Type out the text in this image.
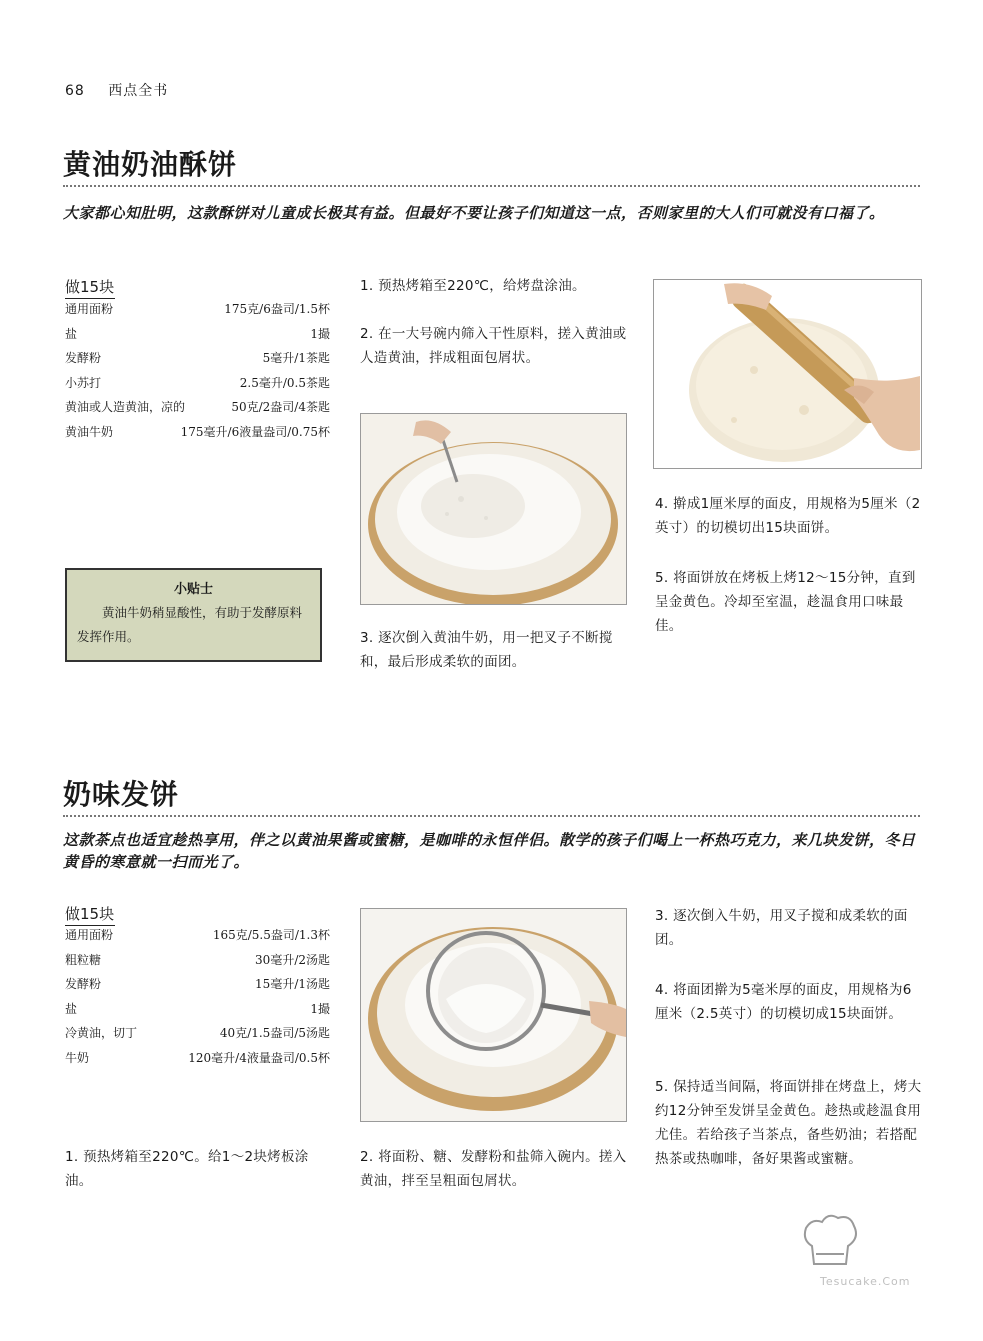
68 西点全书
黄油奶油酥饼
大家都心知肚明，这款酥饼对儿童成长极其有益。但最好不要让孩子们知道这一点，否则家里的大人们可就没有口福了。
做15块
通用面粉	175克/6盎司/1.5杯
盐	1撮
发酵粉	5毫升/1茶匙
小苏打	2.5毫升/0.5茶匙
黄油或人造黄油，凉的	50克/2盎司/4茶匙
黄油牛奶	175毫升/6液量盎司/0.75杯
小贴士
黄油牛奶稍显酸性，有助于发酵原料发挥作用。
1. 预热烤箱至220℃，给烤盘涂油。
2. 在一大号碗内筛入干性原料，搓入黄油或人造黄油，拌成粗面包屑状。
3. 逐次倒入黄油牛奶，用一把叉子不断搅和，最后形成柔软的面团。
4. 擀成1厘米厚的面皮，用规格为5厘米（2英寸）的切模切出15块面饼。
5. 将面饼放在烤板上烤12～15分钟，直到呈金黄色。冷却至室温，趁温食用口味最佳。
奶味发饼
这款茶点也适宜趁热享用，伴之以黄油果酱或蜜糖，是咖啡的永恒伴侣。散学的孩子们喝上一杯热巧克力，来几块发饼，冬日黄昏的寒意就一扫而光了。
做15块
通用面粉	165克/5.5盎司/1.3杯
粗粒糖	30毫升/2汤匙
发酵粉	15毫升/1汤匙
盐	1撮
冷黄油，切丁	40克/1.5盎司/5汤匙
牛奶	120毫升/4液量盎司/0.5杯
1. 预热烤箱至220℃。给1～2块烤板涂油。
2. 将面粉、糖、发酵粉和盐筛入碗内。搓入黄油，拌至呈粗面包屑状。
3. 逐次倒入牛奶，用叉子搅和成柔软的面团。
4. 将面团擀为5毫米厚的面皮，用规格为6厘米（2.5英寸）的切模切成15块面饼。
5. 保持适当间隔，将面饼排在烤盘上，烤大约12分钟至发饼呈金黄色。趁热或趁温食用尤佳。若给孩子当茶点，备些奶油；若搭配热茶或热咖啡，备好果酱或蜜糖。
Tesucake.Com
